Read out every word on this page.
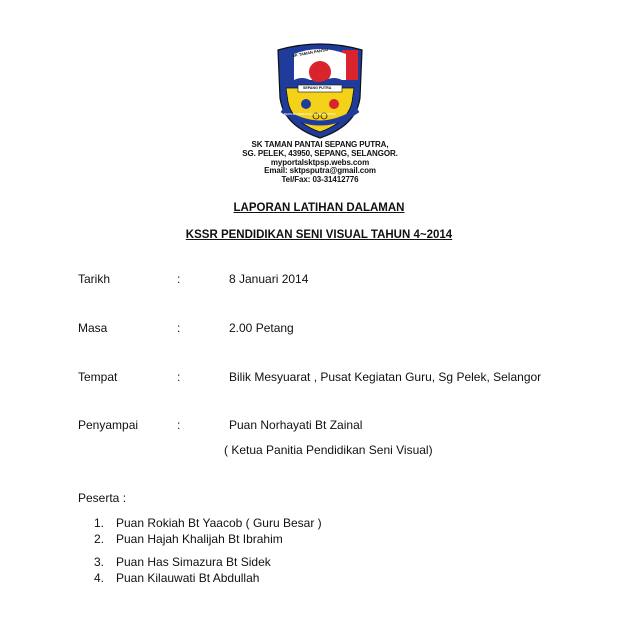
SK TAMAN PANTAI
SEPANG PUTRA
BERILMU BERAKHLAK BERDISIPLIN
SK TAMAN PANTAI SEPANG PUTRA,
SG. PELEK, 43950, SEPANG, SELANGOR.
myportalsktpsp.webs.com
Email: sktpsputra@gmail.com
Tel/Fax: 03-31412776
LAPORAN LATIHAN DALAMAN
KSSR PENDIDIKAN SENI VISUAL TAHUN 4~2014
Tarikh	:	8 Januari 2014
Masa	:	2.00 Petang
Tempat	:	Bilik Mesyuarat , Pusat Kegiatan Guru, Sg Pelek, Selangor
Penyampai	:	Puan Norhayati Bt Zainal
( Ketua Panitia Pendidikan Seni Visual)
Peserta :
1. Puan Rokiah Bt Yaacob ( Guru Besar )
2. Puan Hajah Khalijah Bt Ibrahim
3. Puan Has Simazura Bt Sidek
4. Puan Kilauwati Bt Abdullah
